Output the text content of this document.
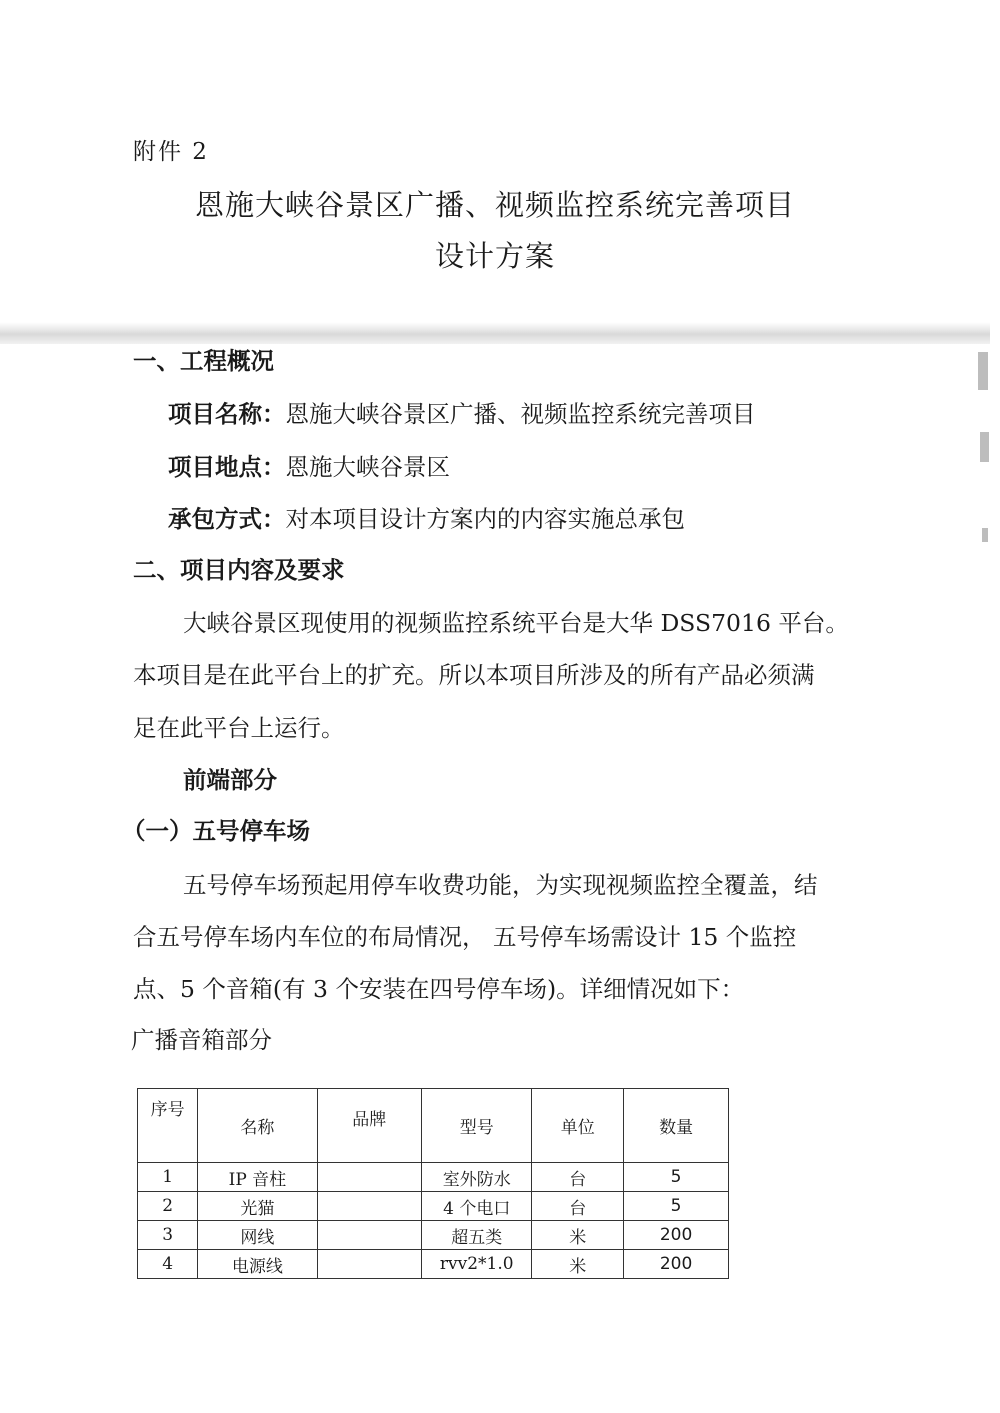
附件 2
恩施大峡谷景区广播、视频监控系统完善项目
设计方案
一、工程概况
项目名称：恩施大峡谷景区广播、视频监控系统完善项目
项目地点：恩施大峡谷景区
承包方式：对本项目设计方案内的内容实施总承包
二、项目内容及要求
大峡谷景区现使用的视频监控系统平台是大华 DSS7016 平台。
本项目是在此平台上的扩充。所以本项目所涉及的所有产品必须满
足在此平台上运行。
前端部分
（一）五号停车场
五号停车场预起用停车收费功能，为实现视频监控全覆盖，结
合五号停车场内车位的布局情况， 五号停车场需设计 15 个监控
点、5 个音箱(有 3 个安装在四号停车场)。详细情况如下：
广播音箱部分
序号	名称	品牌	型号	单位	数量
1	IP 音柱		室外防水	台	5
2	光猫		4 个电口	台	5
3	网线		超五类	米	200
4	电源线		rvv2*1.0	米	200
